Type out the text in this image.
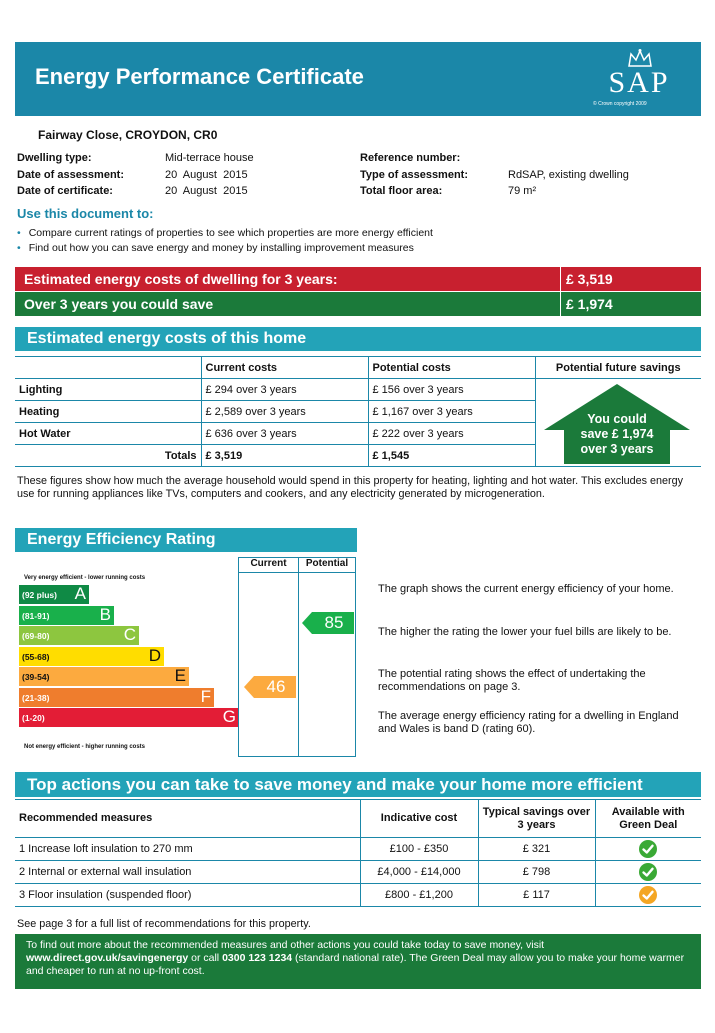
Energy Performance Certificate	SAP
© Crown copyright 2009
Fairway Close, CROYDON, CR0
Dwelling type:	Mid-terrace house
Date of assessment:	20  August  2015
Date of certificate:	20  August  2015
Reference number:
Type of assessment:	RdSAP, existing dwelling
Total floor area:	79 m²
Use this document to:
• Compare current ratings of properties to see which properties are more energy efficient
• Find out how you can save energy and money by installing improvement measures
Estimated energy costs of dwelling for 3 years:	£ 3,519
Over 3 years you could save	£ 1,974
Estimated energy costs of this home
	Current costs	Potential costs	Potential future savings
Lighting	£ 294 over 3 years	£ 156 over 3 years	
Heating	£ 2,589 over 3 years	£ 1,167 over 3 years	
Hot Water	£ 636 over 3 years	£ 222 over 3 years	
Totals	£ 3,519	£ 1,545	
You could
save £ 1,974
over 3 years
These figures show how much the average household would spend in this property for heating, lighting and hot water. This excludes energy use for running appliances like TVs, computers and cookers, and any electricity generated by microgeneration.
Energy Efficiency Rating
Very energy efficient - lower running costs
(92 plus) A
(81-91)	B
(69-80)	C
(55-68)	D
(39-54)	E
(21-38)	F
(1-20)	G
Not energy efficient - higher running costs
Current	Potential
46
85
The graph shows the current energy efficiency of your home.
The higher the rating the lower your fuel bills are likely to be.
The potential rating shows the effect of undertaking the recommendations on page 3.
The average energy efficiency rating for a dwelling in England and Wales is band D (rating 60).
Top actions you can take to save money and make your home more efficient
Recommended measures	Indicative cost	Typical savings over 3 years	Available with Green Deal
1 Increase loft insulation to 270 mm	£100 - £350	£ 321	
2 Internal or external wall insulation	£4,000 - £14,000	£ 798	
3 Floor insulation (suspended floor)	£800 - £1,200	£ 117	
See page 3 for a full list of recommendations for this property.
To find out more about the recommended measures and other actions you could take today to save money, visit www.direct.gov.uk/savingenergy or call 0300 123 1234 (standard national rate). The Green Deal may allow you to make your home warmer and cheaper to run at no up-front cost.
